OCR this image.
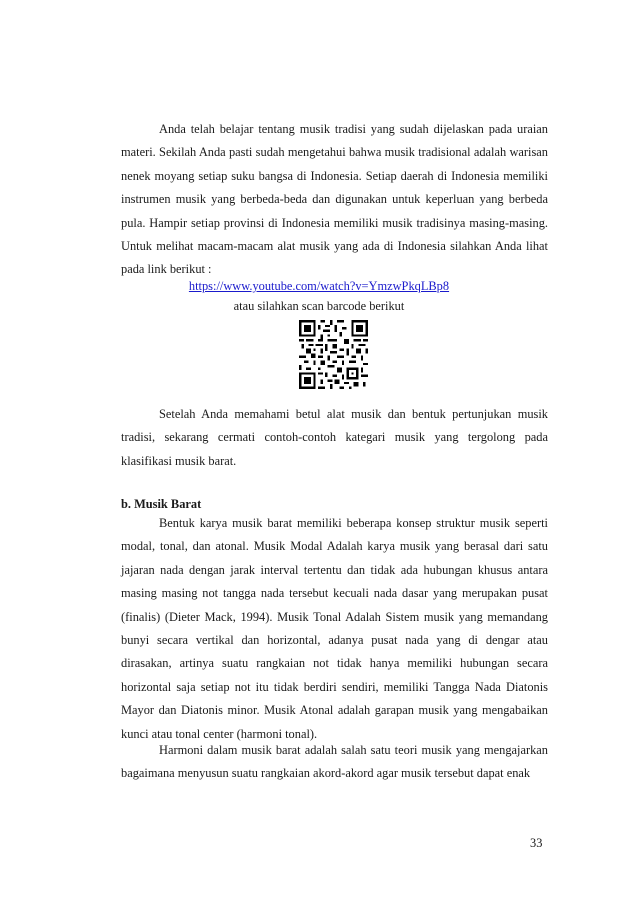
Anda telah belajar tentang musik tradisi yang sudah dijelaskan pada uraian materi. Sekilah Anda pasti sudah mengetahui bahwa musik tradisional adalah warisan nenek moyang setiap suku bangsa di Indonesia. Setiap daerah di Indonesia memiliki instrumen musik yang berbeda-beda dan digunakan untuk keperluan yang berbeda pula. Hampir setiap provinsi di Indonesia memiliki musik tradisinya masing-masing. Untuk melihat macam-macam alat musik yang ada di Indonesia silahkan Anda lihat pada link berikut :

https://www.youtube.com/watch?v=YmzwPkqLBp8

atau silahkan scan barcode berikut

Setelah Anda memahami betul alat musik dan bentuk pertunjukan musik tradisi, sekarang cermati contoh-contoh kategari musik yang tergolong pada klasifikasi musik barat.

b. Musik Barat

Bentuk karya musik barat memiliki beberapa konsep struktur musik seperti modal, tonal, dan atonal. Musik Modal Adalah karya musik yang berasal dari satu jajaran nada dengan jarak interval tertentu dan tidak ada hubungan khusus antara masing masing not tangga nada tersebut kecuali nada dasar yang merupakan pusat (finalis) (Dieter Mack, 1994). Musik Tonal Adalah Sistem musik yang memandang bunyi secara vertikal dan horizontal, adanya pusat nada yang di dengar atau dirasakan, artinya suatu rangkaian not tidak hanya memiliki hubungan secara horizontal saja setiap not itu tidak berdiri sendiri, memiliki Tangga Nada Diatonis Mayor dan Diatonis minor. Musik Atonal adalah garapan musik yang mengabaikan kunci atau tonal center (harmoni tonal).

Harmoni dalam musik barat adalah salah satu teori musik yang mengajarkan bagaimana menyusun suatu rangkaian akord-akord agar musik tersebut dapat enak

33
